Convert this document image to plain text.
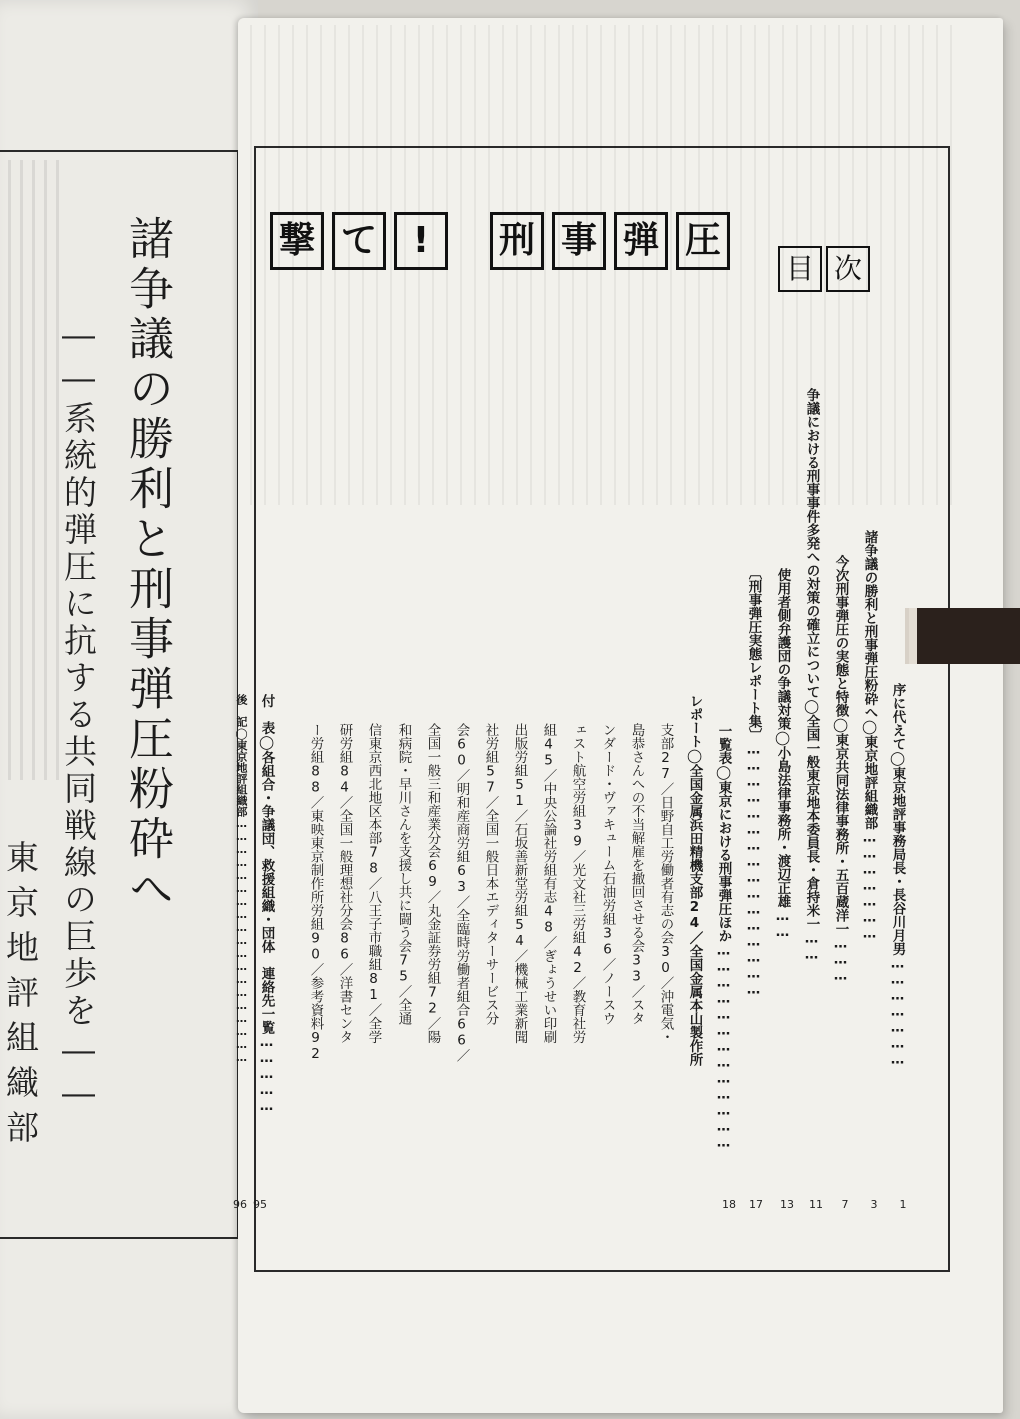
諸争議の勝利と刑事弾圧粉砕へ
――系統的弾圧に抗する共同戦線の巨歩を――
東京地評組織部
撃 て !	刑 事 弾 圧
目 次
序に代えて◯東京地評事務局長・長谷川月男…………………
諸争議の勝利と刑事弾圧粉砕へ◯東京地評組織部…………………
今次刑事弾圧の実態と特徴◯東京共同法律事務所・五百蔵洋一………
争議における刑事事件多発への対策の確立について◯全国一般東京地本委員長・倉持米一……
使用者側弁護団の争議対策◯小島法律事務所・渡辺正雄……
〔刑事弾圧実態レポート集〕…………………………………………
一覧表◯東京における刑事弾圧ほか…………………………………
レポート◯全国金属浜田精機支部24／全国金属本山製作所
支部27／日野自工労働者有志の会30／沖電気・
島恭さんへの不当解雇を撤回させる会33／スタ
ンダード・ヴァキューム石油労組36／ノースウ
ェスト航空労組39／光文社三労組42／教育社労
組45／中央公論社労組有志48／ぎょうせい印刷
出版労組51／石坂善新堂労組54／機械工業新聞
社労組57／全国一般日本エディターサービス分
会60／明和産商労組63／全臨時労働者組合66／
全国一般三和産業分会69／丸金証券労組72／陽
和病院・早川さんを支援し共に闘う会75／全通
信東京西北地区本部78／八王子市職組81／全学
研労組84／全国一般理想社分会86／洋書センタ
ー労組88／東映東京制作所労組90／参考資料92
付　表◯各組合・争議団、救援組織・団体　連絡先一覧……………
後　記◯東京地評組織部…………………………………………………
1
3
7
11
13
17
18
95
96
